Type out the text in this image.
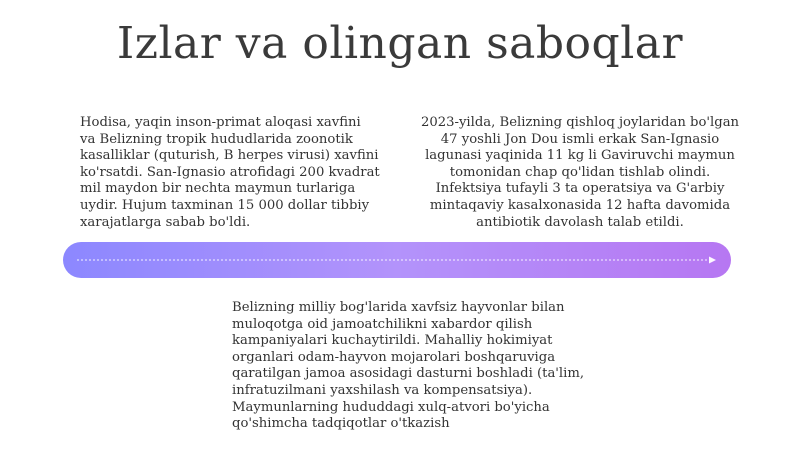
Izlar va olingan saboqlar
Hodisa, yaqin inson-primat aloqasi xavfini va Belizning tropik hududlarida zoonotik kasalliklar (quturish, B herpes virusi) xavfini ko'rsatdi. San-Ignasio atrofidagi 200 kvadrat mil maydon bir nechta maymun turlariga uydir. Hujum taxminan 15 000 dollar tibbiy xarajatlarga sabab bo'ldi.
2023-yilda, Belizning qishloq joylaridan bo'lgan 47 yoshli Jon Dou ismli erkak San-Ignasio lagunasi yaqinida 11 kg li Gaviruvchi maymun tomonidan chap qo'lidan tishlab olindi. Infektsiya tufayli 3 ta operatsiya va G'arbiy mintaqaviy kasalxonasida 12 hafta davomida antibiotik davolash talab etildi.
Belizning milliy bog'larida xavfsiz hayvonlar bilan muloqotga oid jamoatchilikni xabardor qilish kampaniyalari kuchaytirildi. Mahalliy hokimiyat organlari odam-hayvon mojarolari boshqaruviga qaratilgan jamoa asosidagi dasturni boshladi (ta'lim, infratuzilmani yaxshilash va kompensatsiya). Maymunlarning hududdagi xulq-atvori bo'yicha qo'shimcha tadqiqotlar o'tkazish
